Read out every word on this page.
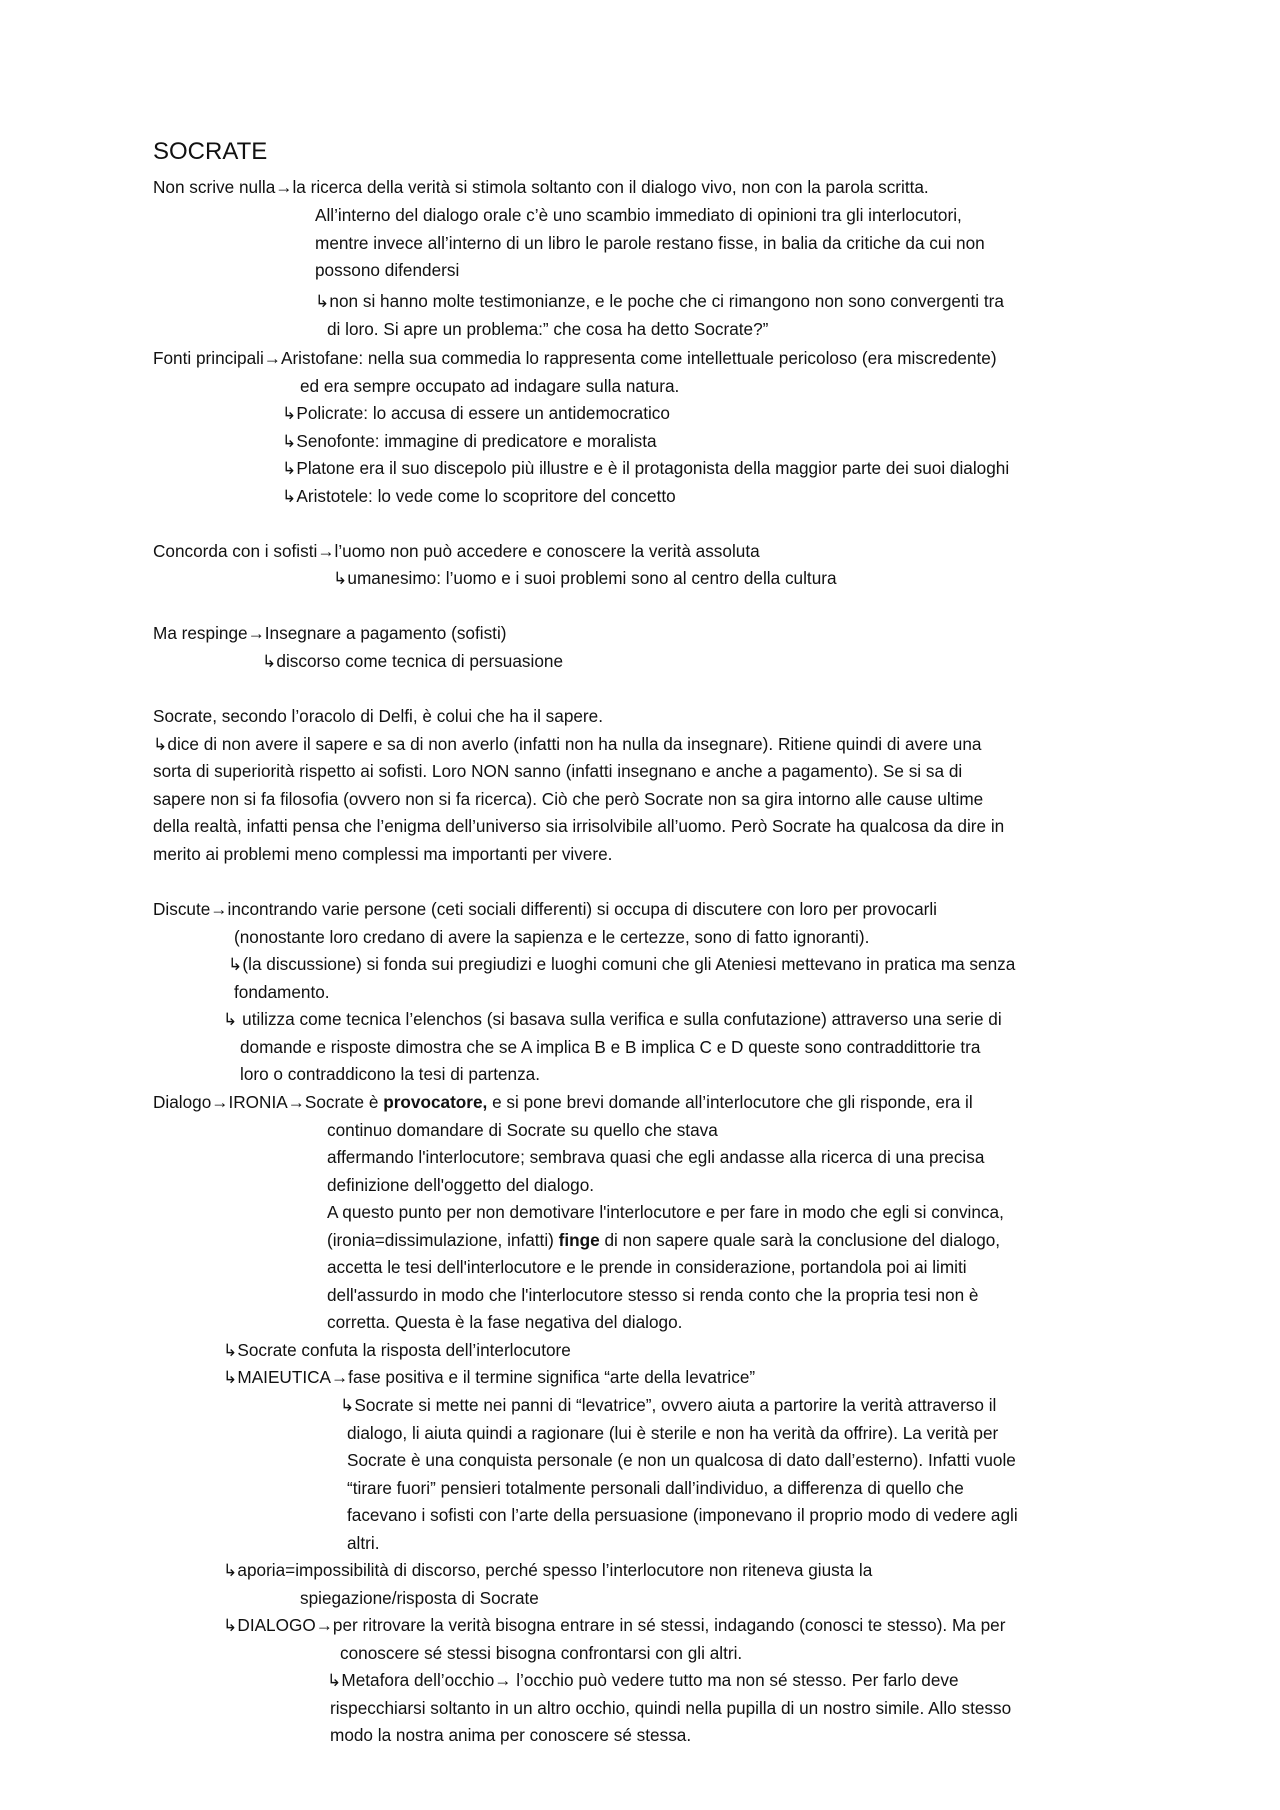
SOCRATE
Non scrive nulla→la ricerca della verità si stimola soltanto con il dialogo vivo, non con la parola scritta.
All’interno del dialogo orale c’è uno scambio immediato di opinioni tra gli interlocutori,
mentre invece all’interno di un libro le parole restano fisse, in balia da critiche da cui non
possono difendersi
↳non si hanno molte testimonianze, e le poche che ci rimangono non sono convergenti tra
di loro. Si apre un problema:” che cosa ha detto Socrate?”
Fonti principali→Aristofane: nella sua commedia lo rappresenta come intellettuale pericoloso (era miscredente)
ed era sempre occupato ad indagare sulla natura.
↳Policrate: lo accusa di essere un antidemocratico
↳Senofonte: immagine di predicatore e moralista
↳Platone era il suo discepolo più illustre e è il protagonista della maggior parte dei suoi dialoghi
↳Aristotele: lo vede come lo scopritore del concetto
Concorda con i sofisti→l’uomo non può accedere e conoscere la verità assoluta
↳umanesimo: l’uomo e i suoi problemi sono al centro della cultura
Ma respinge→Insegnare a pagamento (sofisti)
↳discorso come tecnica di persuasione
Socrate, secondo l’oracolo di Delfi, è colui che ha il sapere.
↳dice di non avere il sapere e sa di non averlo (infatti non ha nulla da insegnare). Ritiene quindi di avere una
sorta di superiorità rispetto ai sofisti. Loro NON sanno (infatti insegnano e anche a pagamento). Se si sa di
sapere non si fa filosofia (ovvero non si fa ricerca). Ciò che però Socrate non sa gira intorno alle cause ultime
della realtà, infatti pensa che l’enigma dell’universo sia irrisolvibile all’uomo. Però Socrate ha qualcosa da dire in
merito ai problemi meno complessi ma importanti per vivere.
Discute→incontrando varie persone (ceti sociali differenti) si occupa di discutere con loro per provocarli
(nonostante loro credano di avere la sapienza e le certezze, sono di fatto ignoranti).
↳(la discussione) si fonda sui pregiudizi e luoghi comuni che gli Ateniesi mettevano in pratica ma senza
fondamento.
↳ utilizza come tecnica l’elenchos (si basava sulla verifica e sulla confutazione) attraverso una serie di
domande e risposte dimostra che se A implica B e B implica C e D queste sono contraddittorie tra
loro o contraddicono la tesi di partenza.
Dialogo→IRONIA→Socrate è provocatore, e si pone brevi domande all’interlocutore che gli risponde, era il
continuo domandare di Socrate su quello che stava
affermando l'interlocutore; sembrava quasi che egli andasse alla ricerca di una precisa
definizione dell'oggetto del dialogo.
A questo punto per non demotivare l'interlocutore e per fare in modo che egli si convinca,
(ironia=dissimulazione, infatti) finge di non sapere quale sarà la conclusione del dialogo,
accetta le tesi dell'interlocutore e le prende in considerazione, portandola poi ai limiti
dell'assurdo in modo che l'interlocutore stesso si renda conto che la propria tesi non è
corretta. Questa è la fase negativa del dialogo.
↳Socrate confuta la risposta dell’interlocutore
↳MAIEUTICA→fase positiva e il termine significa “arte della levatrice”
↳Socrate si mette nei panni di “levatrice”, ovvero aiuta a partorire la verità attraverso il
dialogo, li aiuta quindi a ragionare (lui è sterile e non ha verità da offrire). La verità per
Socrate è una conquista personale (e non un qualcosa di dato dall’esterno). Infatti vuole
“tirare fuori” pensieri totalmente personali dall’individuo, a differenza di quello che
facevano i sofisti con l’arte della persuasione (imponevano il proprio modo di vedere agli
altri.
↳aporia=impossibilità di discorso, perché spesso l’interlocutore non riteneva giusta la
spiegazione/risposta di Socrate
↳DIALOGO→per ritrovare la verità bisogna entrare in sé stessi, indagando (conosci te stesso). Ma per
conoscere sé stessi bisogna confrontarsi con gli altri.
↳Metafora dell’occhio→ l’occhio può vedere tutto ma non sé stesso. Per farlo deve
rispecchiarsi soltanto in un altro occhio, quindi nella pupilla di un nostro simile. Allo stesso
modo la nostra anima per conoscere sé stessa.
